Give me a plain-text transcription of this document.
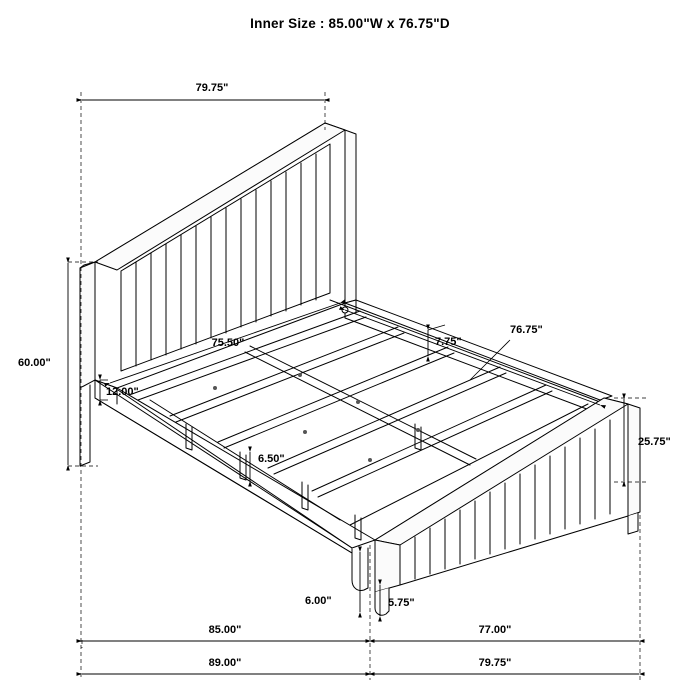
Inner Size : 85.00"W x 76.75"D
79.75"
60.00"
75.50"	7.75"
76.75"
12.00"
25.75"
6.50"
6.00"	5.75"
85.00"	77.00"
89.00"	79.75"
